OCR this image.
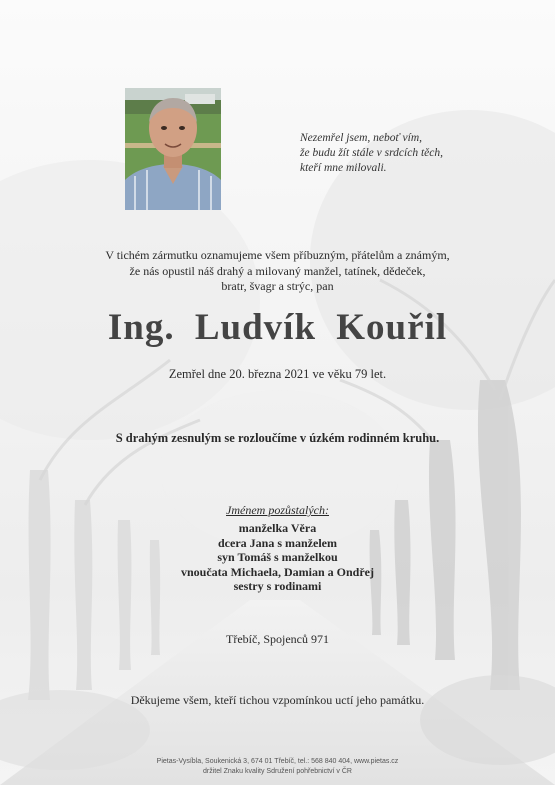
Nezemřel jsem, neboť vím,
že budu žít stále v srdcích těch,
kteří mne milovali.
V tichém zármutku oznamujeme všem příbuzným, přátelům a známým,
že nás opustil náš drahý a milovaný manžel, tatínek, dědeček,
bratr, švagr a strýc, pan
Ing. Ludvík Kouřil
Zemřel dne 20. března 2021 ve věku 79 let.
S drahým zesnulým se rozloučíme v úzkém rodinném kruhu.
Jménem pozůstalých:
manželka Věra
dcera Jana s manželem
syn Tomáš s manželkou
vnoučata Michaela, Damian a Ondřej
sestry s rodinami
Třebíč, Spojenců 971
Děkujeme všem, kteří tichou vzpomínkou uctí jeho památku.
Pietas-Vysíbla, Soukenická 3, 674 01 Třebíč, tel.: 568 840 404, www.pietas.cz
držitel Znaku kvality Sdružení pohřebnictví v ČR
